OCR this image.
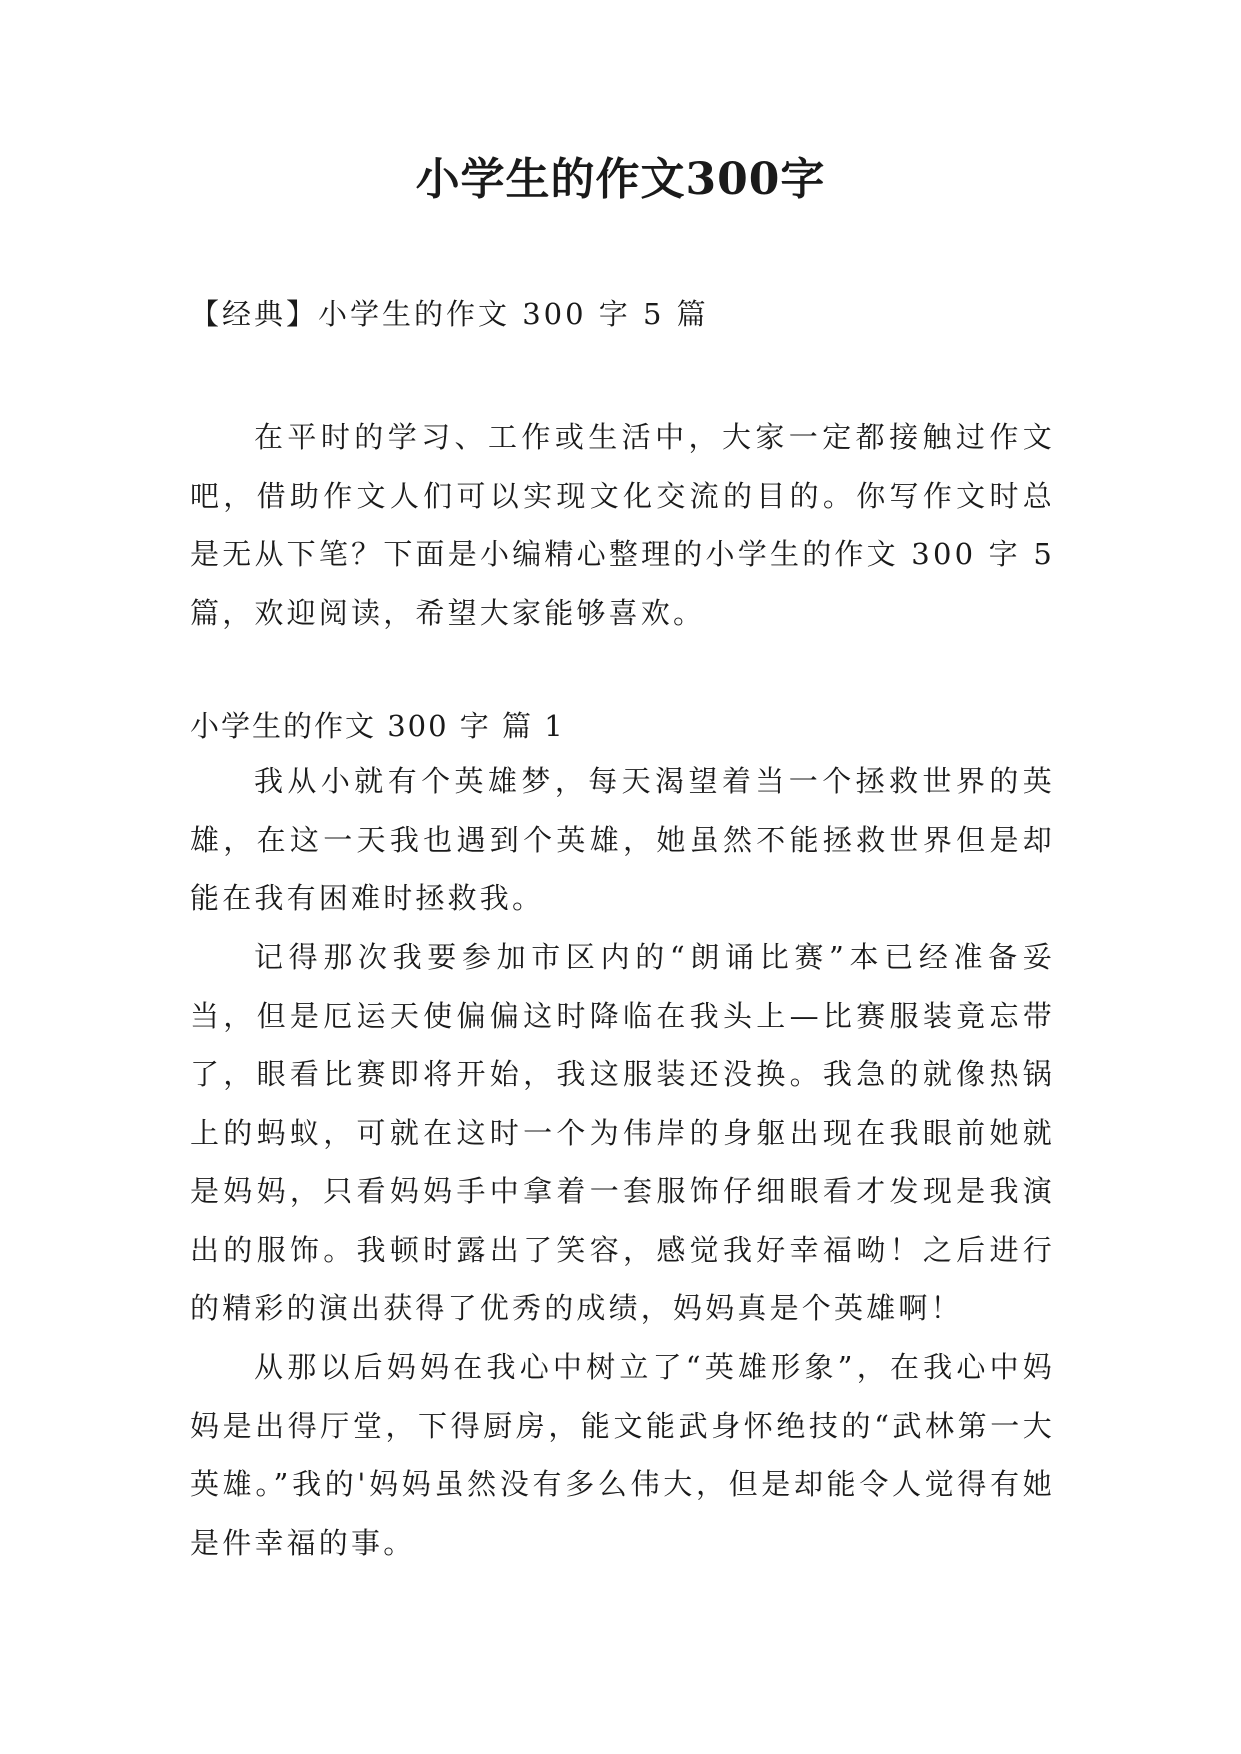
小学生的作文300字

【经典】小学生的作文 300 字 5 篇

在平时的学习、工作或生活中，大家一定都接触过作文吧，借助作文人们可以实现文化交流的目的。你写作文时总是无从下笔？下面是小编精心整理的小学生的作文 300 字 5 篇，欢迎阅读，希望大家能够喜欢。

小学生的作文 300 字 篇 1

我从小就有个英雄梦，每天渴望着当一个拯救世界的英雄，在这一天我也遇到个英雄，她虽然不能拯救世界但是却能在我有困难时拯救我。

记得那次我要参加市区内的“朗诵比赛”本已经准备妥当，但是厄运天使偏偏这时降临在我头上—比赛服装竟忘带了，眼看比赛即将开始，我这服装还没换。我急的就像热锅上的蚂蚁，可就在这时一个为伟岸的身躯出现在我眼前她就是妈妈，只看妈妈手中拿着一套服饰仔细眼看才发现是我演出的服饰。我顿时露出了笑容，感觉我好幸福呦！之后进行的精彩的演出获得了优秀的成绩，妈妈真是个英雄啊！

从那以后妈妈在我心中树立了“英雄形象”，在我心中妈妈是出得厅堂，下得厨房，能文能武身怀绝技的“武林第一大英雄。”我的'妈妈虽然没有多么伟大，但是却能令人觉得有她是件幸福的事。
